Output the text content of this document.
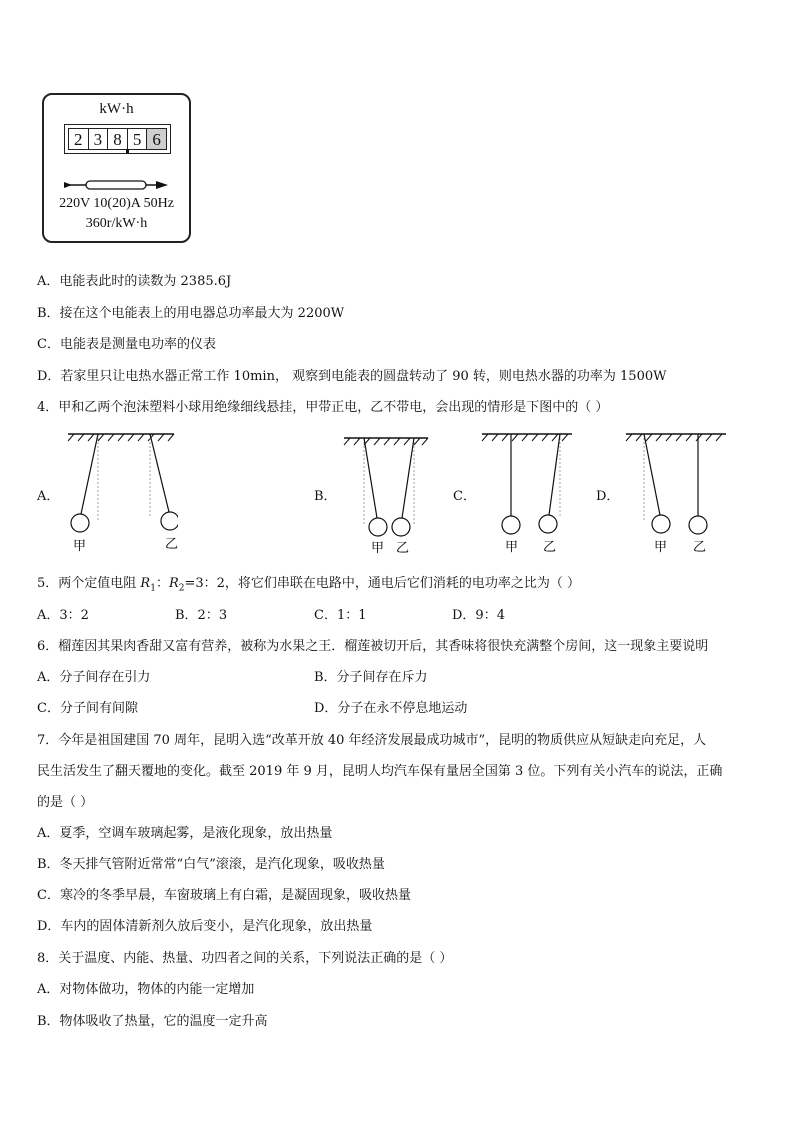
kW·h
2 3 8 5 6
220V 10(20)A 50Hz
360r/kW·h
A．电能表此时的读数为 2385.6J
B．接在这个电能表上的用电器总功率最大为 2200W
C．电能表是测量电功率的仪表
D．若家里只让电热水器正常工作 10min， 观察到电能表的圆盘转动了 90 转，则电热水器的功率为 1500W
4．甲和乙两个泡沫塑料小球用绝缘细线悬挂，甲带正电，乙不带电，会出现的情形是下图中的（ ）
A．
甲	乙
B．
甲 乙
C．
甲 乙
D．
甲 乙
5．两个定值电阻 $R_1$：$R_2=3$：2，将它们串联在电路中，通电后它们消耗的电功率之比为（ ）
A．3：2	B．2：3	C．1：1	D．9：4
6．榴莲因其果肉香甜又富有营养，被称为水果之王．榴莲被切开后，其香味将很快充满整个房间，这一现象主要说明
A．分子间存在引力	B．分子间存在斥力
C．分子间有间隙	D．分子在永不停息地运动
7．今年是祖国建国 70 周年，昆明入选“改革开放 40 年经济发展最成功城市”，昆明的物质供应从短缺走向充足，人
民生活发生了翻天覆地的变化。截至 2019 年 9 月，昆明人均汽车保有量居全国第 3 位。下列有关小汽车的说法，正确
的是（ ）
A．夏季，空调车玻璃起雾，是液化现象，放出热量
B．冬天排气管附近常常“白气”滚滚，是汽化现象，吸收热量
C．寒冷的冬季早晨，车窗玻璃上有白霜，是凝固现象，吸收热量
D．车内的固体清新剂久放后变小，是汽化现象，放出热量
8．关于温度、内能、热量、功四者之间的关系，下列说法正确的是（ ）
A．对物体做功，物体的内能一定增加
B．物体吸收了热量，它的温度一定升高
